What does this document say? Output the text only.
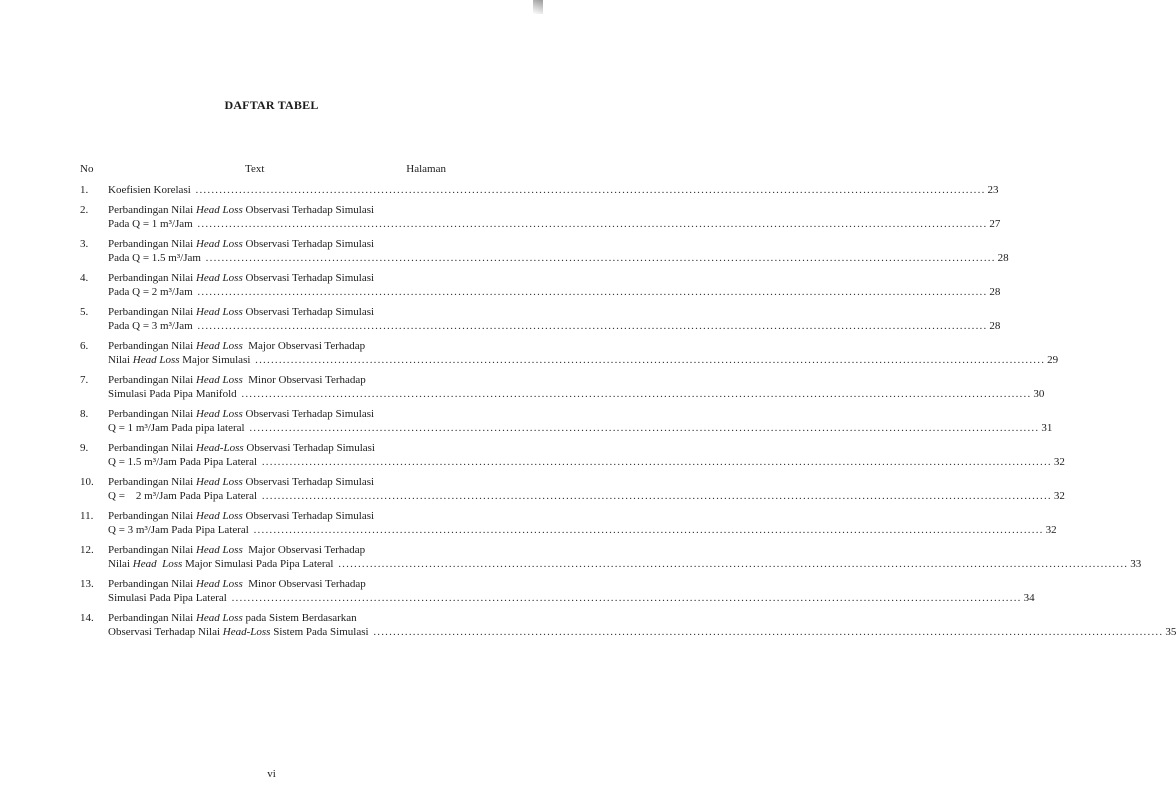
DAFTAR TABEL
No	Text	Halaman
1.	Koefisien Korelasi ........................................................................................................................................................................................................ 23
2.	Perbandingan Nilai Head Loss Observasi Terhadap Simulasi
Pada Q = 1 m³/Jam ........................................................................................................................................................................................................ 27
3.	Perbandingan Nilai Head Loss Observasi Terhadap Simulasi
Pada Q = 1.5 m³/Jam ........................................................................................................................................................................................................ 28
4.	Perbandingan Nilai Head Loss Observasi Terhadap Simulasi
Pada Q = 2 m³/Jam ........................................................................................................................................................................................................ 28
5.	Perbandingan Nilai Head Loss Observasi Terhadap Simulasi
Pada Q = 3 m³/Jam ........................................................................................................................................................................................................ 28
6.	Perbandingan Nilai Head Loss  Major Observasi Terhadap
Nilai Head Loss Major Simulasi ........................................................................................................................................................................................................ 29
7.	Perbandingan Nilai Head Loss  Minor Observasi Terhadap
Simulasi Pada Pipa Manifold ........................................................................................................................................................................................................ 30
8.	Perbandingan Nilai Head Loss Observasi Terhadap Simulasi
Q = 1 m³/Jam Pada pipa lateral ........................................................................................................................................................................................................ 31
9.	Perbandingan Nilai Head-Loss Observasi Terhadap Simulasi
Q = 1.5 m³/Jam Pada Pipa Lateral ........................................................................................................................................................................................................ 32
10.	Perbandingan Nilai Head Loss Observasi Terhadap Simulasi
Q =    2 m³/Jam Pada Pipa Lateral ........................................................................................................................................................................................................ 32
11.	Perbandingan Nilai Head Loss Observasi Terhadap Simulasi
Q = 3 m³/Jam Pada Pipa Lateral ........................................................................................................................................................................................................ 32
12.	Perbandingan Nilai Head Loss  Major Observasi Terhadap
Nilai Head  Loss Major Simulasi Pada Pipa Lateral ........................................................................................................................................................................................................ 33
13.	Perbandingan Nilai Head Loss  Minor Observasi Terhadap
Simulasi Pada Pipa Lateral ........................................................................................................................................................................................................ 34
14.	Perbandingan Nilai Head Loss pada Sistem Berdasarkan
Observasi Terhadap Nilai Head-Loss Sistem Pada Simulasi ........................................................................................................................................................................................................ 35
vi
